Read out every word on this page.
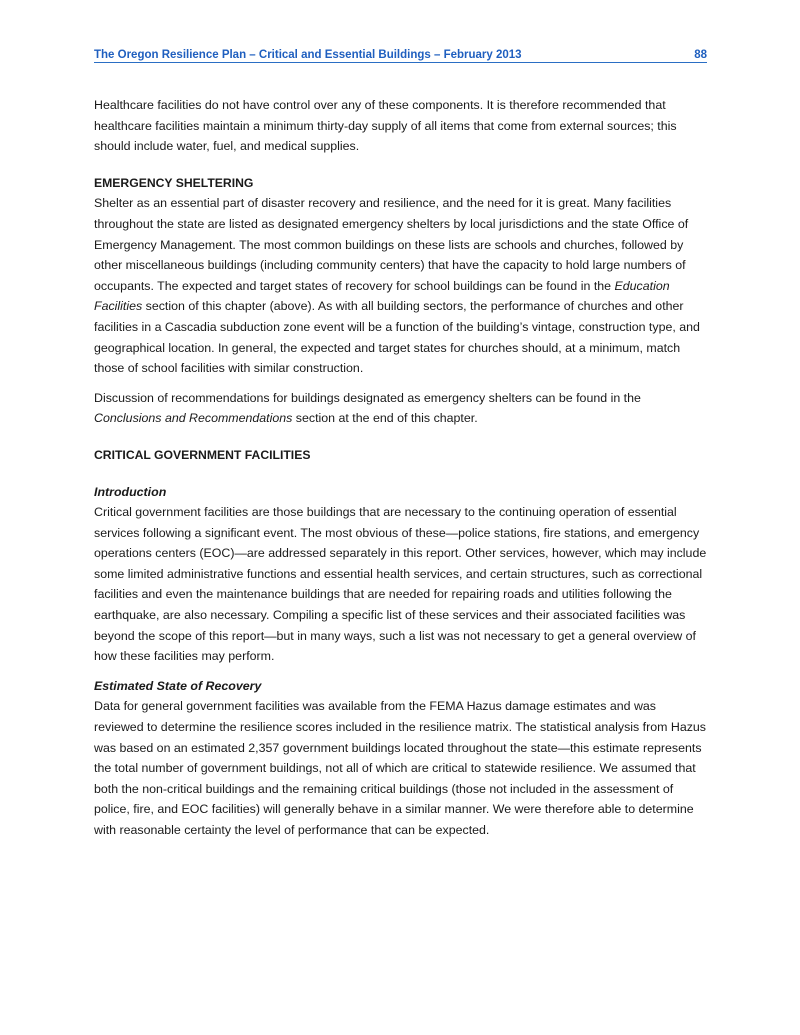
The Oregon Resilience Plan – Critical and Essential Buildings – February 2013	88

Healthcare facilities do not have control over any of these components. It is therefore recommended that healthcare facilities maintain a minimum thirty-day supply of all items that come from external sources; this should include water, fuel, and medical supplies.

EMERGENCY SHELTERING

Shelter as an essential part of disaster recovery and resilience, and the need for it is great. Many facilities throughout the state are listed as designated emergency shelters by local jurisdictions and the state Office of Emergency Management. The most common buildings on these lists are schools and churches, followed by other miscellaneous buildings (including community centers) that have the capacity to hold large numbers of occupants. The expected and target states of recovery for school buildings can be found in the Education Facilities section of this chapter (above). As with all building sectors, the performance of churches and other facilities in a Cascadia subduction zone event will be a function of the building’s vintage, construction type, and geographical location. In general, the expected and target states for churches should, at a minimum, match those of school facilities with similar construction.

Discussion of recommendations for buildings designated as emergency shelters can be found in the Conclusions and Recommendations section at the end of this chapter.

CRITICAL GOVERNMENT FACILITIES

Introduction

Critical government facilities are those buildings that are necessary to the continuing operation of essential services following a significant event. The most obvious of these—police stations, fire stations, and emergency operations centers (EOC)—are addressed separately in this report. Other services, however, which may include some limited administrative functions and essential health services, and certain structures, such as correctional facilities and even the maintenance buildings that are needed for repairing roads and utilities following the earthquake, are also necessary. Compiling a specific list of these services and their associated facilities was beyond the scope of this report—but in many ways, such a list was not necessary to get a general overview of how these facilities may perform.

Estimated State of Recovery

Data for general government facilities was available from the FEMA Hazus damage estimates and was reviewed to determine the resilience scores included in the resilience matrix. The statistical analysis from Hazus was based on an estimated 2,357 government buildings located throughout the state—this estimate represents the total number of government buildings, not all of which are critical to statewide resilience. We assumed that both the non-critical buildings and the remaining critical buildings (those not included in the assessment of police, fire, and EOC facilities) will generally behave in a similar manner. We were therefore able to determine with reasonable certainty the level of performance that can be expected.
